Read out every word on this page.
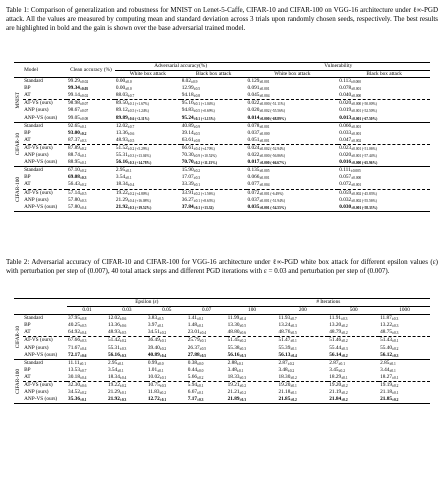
Table 1: Comparison of generalization and robustness for MNIST on Lenet-5-Caffe, CIFAR-10 and CIFAR-100 on VGG-16 architecture under ℓ∞-PGD attack. All the values are measured by computing mean and standard deviation across 3 trials upon randomly chosen seeds, respectively. The best results are highlighted in bold and the gain is shown over the base adversarial trained model.
	Model	Clean accuracy (%)	Adversarial accuracy(%)		Vulnerability	
			White box attack	Black box attack	White box attack	Black box attack

MNIST	Standard	$99.29_{\pm 0.02}$	$0.00_{\pm 0.0}$	$8.02_{\pm 0.9}$	$0.129_{\pm 0.001}$	$0.113_{\pm 0.000}$
	BP	$99.34_{\pm 0.05}$	$0.00_{\pm 0.0}$	$12.99_{\pm 0.5}$	$0.091_{\pm 0.001}$	$0.078_{\pm 0.001}$
	AT	$99.14_{\pm 0.02}$	$88.03_{\pm 0.7}$	$94.18_{\pm 0.8}$	$0.045_{\pm 0.004}$	$0.040_{\pm 0.000}$
	AT-VS (ours)	$98.98_{\pm 0.07}$	$89.50_{\pm 0.1 (+1.67\%)}$	$95.16_{\pm 0.1 (+1.04\%)}$	$0.022_{\pm 0.000 (-51.11\%)}$	$0.020_{\pm 0.000 (-50.00\%)}$
	ANP (ours)	$98.67_{\pm 0.07}$	$89.12_{\pm 0.5 (+1.24\%)}$	$94.83_{\pm 0.5 (+0.69\%)}$	$0.020_{\pm 0.002 (-55.56\%)}$	$0.019_{\pm 0.001 (-52.50\%)}$
	ANP-VS (ours)	$99.05_{\pm 0.08}$	$89.89_{\pm 0.6 (+2.11\%)}$	$95.24_{\pm 0.1 (+1.13\%)}$	$0.014_{\pm 0.000 (-68.89\%)}$	$0.013_{\pm 0.001 (-67.50\%)}$

CIFAR-10	Standard	$92.65_{\pm 0.1}$	$12.02_{\pm 0.7}$	$40.89_{\pm 0.9}$	$0.078_{\pm 0.001}$	$0.066_{\pm 0.001}$
	BP	$93.00_{\pm 0.2}$	$13.36_{\pm 0.6}$	$39.14_{\pm 0.5}$	$0.037_{\pm 0.000}$	$0.033_{\pm 0.001}$
	AT	$87.37_{\pm 0.3}$	$48.93_{\pm 0.5}$	$63.61_{\pm 0.8}$	$0.051_{\pm 0.001}$	$0.047_{\pm 0.002}$
	AT-VS (ours)	$87.89_{\pm 0.2}$	$51.52_{\pm 0.2 (+5.29\%)}$	$66.61_{\pm 0.4 (+4.70\%)}$	$0.024_{\pm 0.002 (-52.94\%)}$	$0.023_{\pm 0.001 (-51.06\%)}$
	ANP (ours)	$88.74_{\pm 0.1}$	$55.31_{\pm 0.3 (+13.04\%)}$	$70.30_{\pm 0.9 (+10.52\%)}$	$0.022_{\pm 0.000 (-56.86\%)}$	$0.020_{\pm 0.001 (-57.44\%)}$
	ANP-VS (ours)	$88.95_{\pm 0.1}$	$56.16_{\pm 0.3 (+14.78\%)}$	$70.70_{\pm 0.2 (+11.15\%)}$	$0.017_{\pm 0.000 (-66.67\%)}$	$0.016_{\pm 0.000 (-65.96\%)}$

CIFAR-100	Standard	$67.10_{\pm 0.2}$	$2.95_{\pm 0.1}$	$15.90_{\pm 0.2}$	$0.135_{\pm 0.005}$	$0.111_{\pm 0.005}$
	BP	$69.08_{\pm 0.3}$	$3.54_{\pm 0.1}$	$17.07_{\pm 0.3}$	$0.066_{\pm 0.001}$	$0.057_{\pm 0.000}$
	AT	$56.43_{\pm 0.2}$	$18.34_{\pm 0.4}$	$33.39_{\pm 0.1}$	$0.077_{\pm 0.004}$	$0.072_{\pm 0.001}$
	AT-VS (ours)	$57.14_{\pm 0.5}$	$19.22_{\pm 0.2 (+4.80\%)}$	$33.91_{\pm 0.2 (+1.56\%)}$	$0.072_{\pm 0.001 (-6.49\%)}$	$0.059_{\pm 0.002 (-45.83\%)}$
	ANP (ours)	$57.80_{\pm 0.3}$	$21.29_{\pm 0.4 (+16.08\%)}$	$36.27_{\pm 0.1 (+8.63\%)}$	$0.037_{\pm 0.001 (-51.94\%)}$	$0.032_{\pm 0.002 (-55.56\%)}$
	ANP-VS (ours)	$57.80_{\pm 0.4}$	$21.92_{\pm 0.3 (+19.52\%)}$	$37.84_{\pm 0.1 (+13.32)}$	$0.035_{\pm 0.001 (-54.55\%)}$	$0.030_{\pm 0.001 (-58.33\%)}$
Table 2: Adversarial accuracy of CIFAR-10 and CIFAR-100 for VGG-16 architecture under ℓ∞-PGD white box attack for different epsilon values (ε) with perturbation per step of (0.007), 40 total attack steps and different PGD iterations with ε = 0.03 and perturbation per step of (0.007).
		Epsilon (ε)				# Iterations			
		0.01	0.03	0.05	0.07	100	200	500	1000

CIFAR-10	Standard	$37.95_{\pm 0.8}$	$12.02_{\pm 0.6}$	$3.83_{\pm 0.5}$	$1.41_{\pm 0.1}$	$11.99_{\pm 0.4}$	$11.93_{\pm 0.7}$	$11.91_{\pm 0.3}$	$11.87_{\pm 0.3}$
	BP	$40.25_{\pm 0.5}$	$13.36_{\pm 0.6}$	$3.97_{\pm 0.1}$	$1.48_{\pm 0.1}$	$13.30_{\pm 0.5}$	$13.24_{\pm 0.3}$	$13.20_{\pm 0.2}$	$13.22_{\pm 0.3}$
	AT	$64.92_{\pm 0.4}$	$48.93_{\pm 0.5}$	$34.51_{\pm 0.2}$	$23.01_{\pm 0.4}$	$48.80_{\pm 0.6}$	$48.76_{\pm 0.5}$	$48.79_{\pm 0.2}$	$48.75_{\pm 0.3}$
	AT-VS (ours)	$67.66_{\pm 0.3}$	$51.42_{\pm 0.2}$	$36.49_{\pm 0.1}$	$25.79_{\pm 0.1}$	$51.45_{\pm 0.2}$	$51.47_{\pm 0.1}$	$51.46_{\pm 0.2}$	$51.43_{\pm 0.1}$
	ANP (ours)	$71.67_{\pm 0.4}$	$55.31_{\pm 0.3}$	$39.40_{\pm 0.2}$	$26.37_{\pm 0.5}$	$55.38_{\pm 0.3}$	$55.39_{\pm 0.1}$	$55.44_{\pm 0.3}$	$55.40_{\pm 0.2}$
	ANP-VS (ours)	$72.17_{\pm 0.6}$	$56.16_{\pm 0.3}$	$40.89_{\pm 0.4}$	$27.88_{\pm 0.5}$	$56.16_{\pm 0.3}$	$56.13_{\pm 0.4}$	$56.14_{\pm 0.2}$	$56.12_{\pm 0.3}$

CIFAR-100	Standard	$11.11_{\pm 0.1}$	$2.95_{\pm 0.1}$	$0.99_{\pm 0.0}$	$0.38_{\pm 0.0}$	$2.88_{\pm 0.1}$	$2.87_{\pm 0.2}$	$2.87_{\pm 0.1}$	$2.85_{\pm 0.1}$
	BP	$13.53_{\pm 0.7}$	$3.54_{\pm 0.1}$	$1.01_{\pm 0.1}$	$0.44_{\pm 0.0}$	$3.48_{\pm 0.1}$	$3.48_{\pm 0.2}$	$3.45_{\pm 0.2}$	$3.44_{\pm 0.1}$
	AT	$30.18_{\pm 0.4}$	$18.34_{\pm 0.4}$	$10.02_{\pm 0.1}$	$5.66_{\pm 0.2}$	$18.33_{\pm 0.3}$	$18.30_{\pm 0.2}$	$18.29_{\pm 0.1}$	$18.27_{\pm 0.1}$
	AT-VS (ours)	$32.30_{\pm 0.6}$	$19.22_{\pm 0.2}$	$10.75_{\pm 0.3}$	$5.94_{\pm 0.1}$	$19.21_{\pm 0.2}$	$19.20_{\pm 0.1}$	$19.20_{\pm 0.2}$	$19.19_{\pm 0.2}$
	ANP (ours)	$34.52_{\pm 0.2}$	$21.29_{\pm 0.1}$	$11.83_{\pm 0.2}$	$6.67_{\pm 0.1}$	$21.21_{\pm 0.2}$	$21.18_{\pm 0.1}$	$21.19_{\pm 0.2}$	$21.18_{\pm 0.1}$
	ANP-VS (ours)	$35.36_{\pm 0.1}$	$21.92_{\pm 0.3}$	$12.72_{\pm 0.1}$	$7.17_{\pm 0.3}$	$21.89_{\pm 0.3}$	$21.85_{\pm 0.2}$	$21.84_{\pm 0.2}$	$21.85_{\pm 0.2}$
